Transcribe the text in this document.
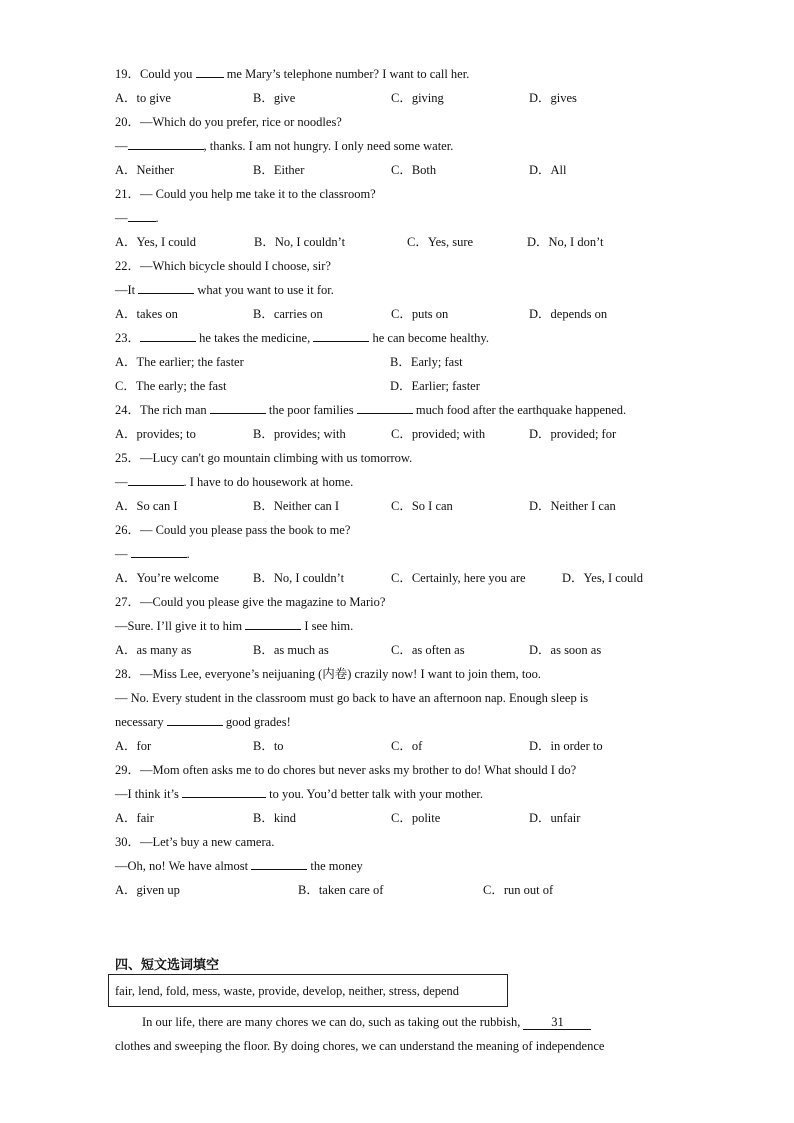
19．Could you  me Mary’s telephone number? I want to call her.
A．to give	B．give	C．giving	D．gives
20．—Which do you prefer, rice or noodles?
—	, thanks. I am not hungry. I only need some water.
A．Neither	B．Either	C．Both	D．All
21．— Could you help me take it to the classroom?
— .
A．Yes, I could	B．No, I couldn’t	C．Yes, sure	D．No, I don’t
22．—Which bicycle should I choose, sir?
—It	what you want to use it for.
A．takes on	B．carries on	C．puts on	D．depends on
23．	he takes the medicine,	he can become healthy.
A．The earlier; the faster	B．Early; fast
C．The early; the fast	D．Earlier; faster
24．The rich man	the poor families	much food after the earthquake happened.
A．provides; to	B．provides; with	C．provided; with	D．provided; for
25．—Lucy can't go mountain climbing with us tomorrow.
—	. I have to do housework at home.
A．So can I	B．Neither can I	C．So I can	D．Neither I can
26．— Could you please pass the book to me?
—	.
A．You’re welcome	B．No, I couldn’t	C．Certainly, here you are	D．Yes, I could
27．—Could you please give the magazine to Mario?
—Sure. I’ll give it to him	I see him.
A．as many as	B．as much as	C．as often as	D．as soon as
28．—Miss Lee, everyone’s neijuaning (内卷) crazily now! I want to join them, too.
— No. Every student in the classroom must go back to have an afternoon nap. Enough sleep is
necessary	good grades!
A．for	B．to	C．of	D．in order to
29．—Mom often asks me to do chores but never asks my brother to do! What should I do?
—I think it’s	to you. You’d better talk with your mother.
A．fair	B．kind	C．polite	D．unfair
30．—Let’s buy a new camera.
—Oh, no! We have almost	the money
A．given up	B．taken care of	C．run out of
四、短文选词填空
fair, lend, fold, mess, waste, provide, develop, neither, stress, depend
In our life, there are many chores we can do, such as taking out the rubbish, 31
clothes and sweeping the floor. By doing chores, we can understand the meaning of independence
